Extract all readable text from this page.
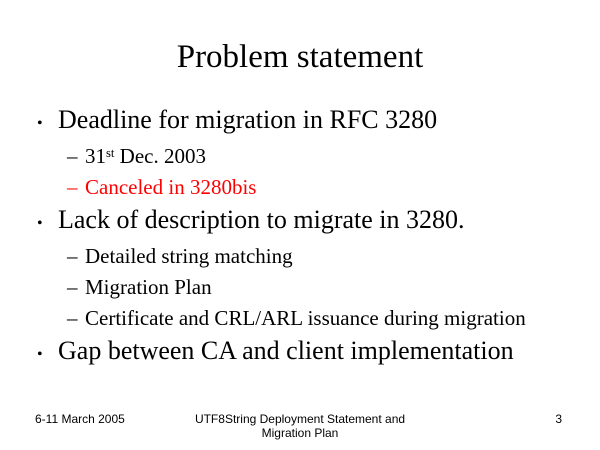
Problem statement
• Deadline for migration in RFC 3280
– 31st Dec. 2003
– Canceled in 3280bis
• Lack of description to migrate in 3280.
– Detailed string matching
– Migration Plan
– Certificate and CRL/ARL issuance during migration
• Gap between CA and client implementation
6-11 March 2005	UTF8String Deployment Statement and Migration Plan
3
